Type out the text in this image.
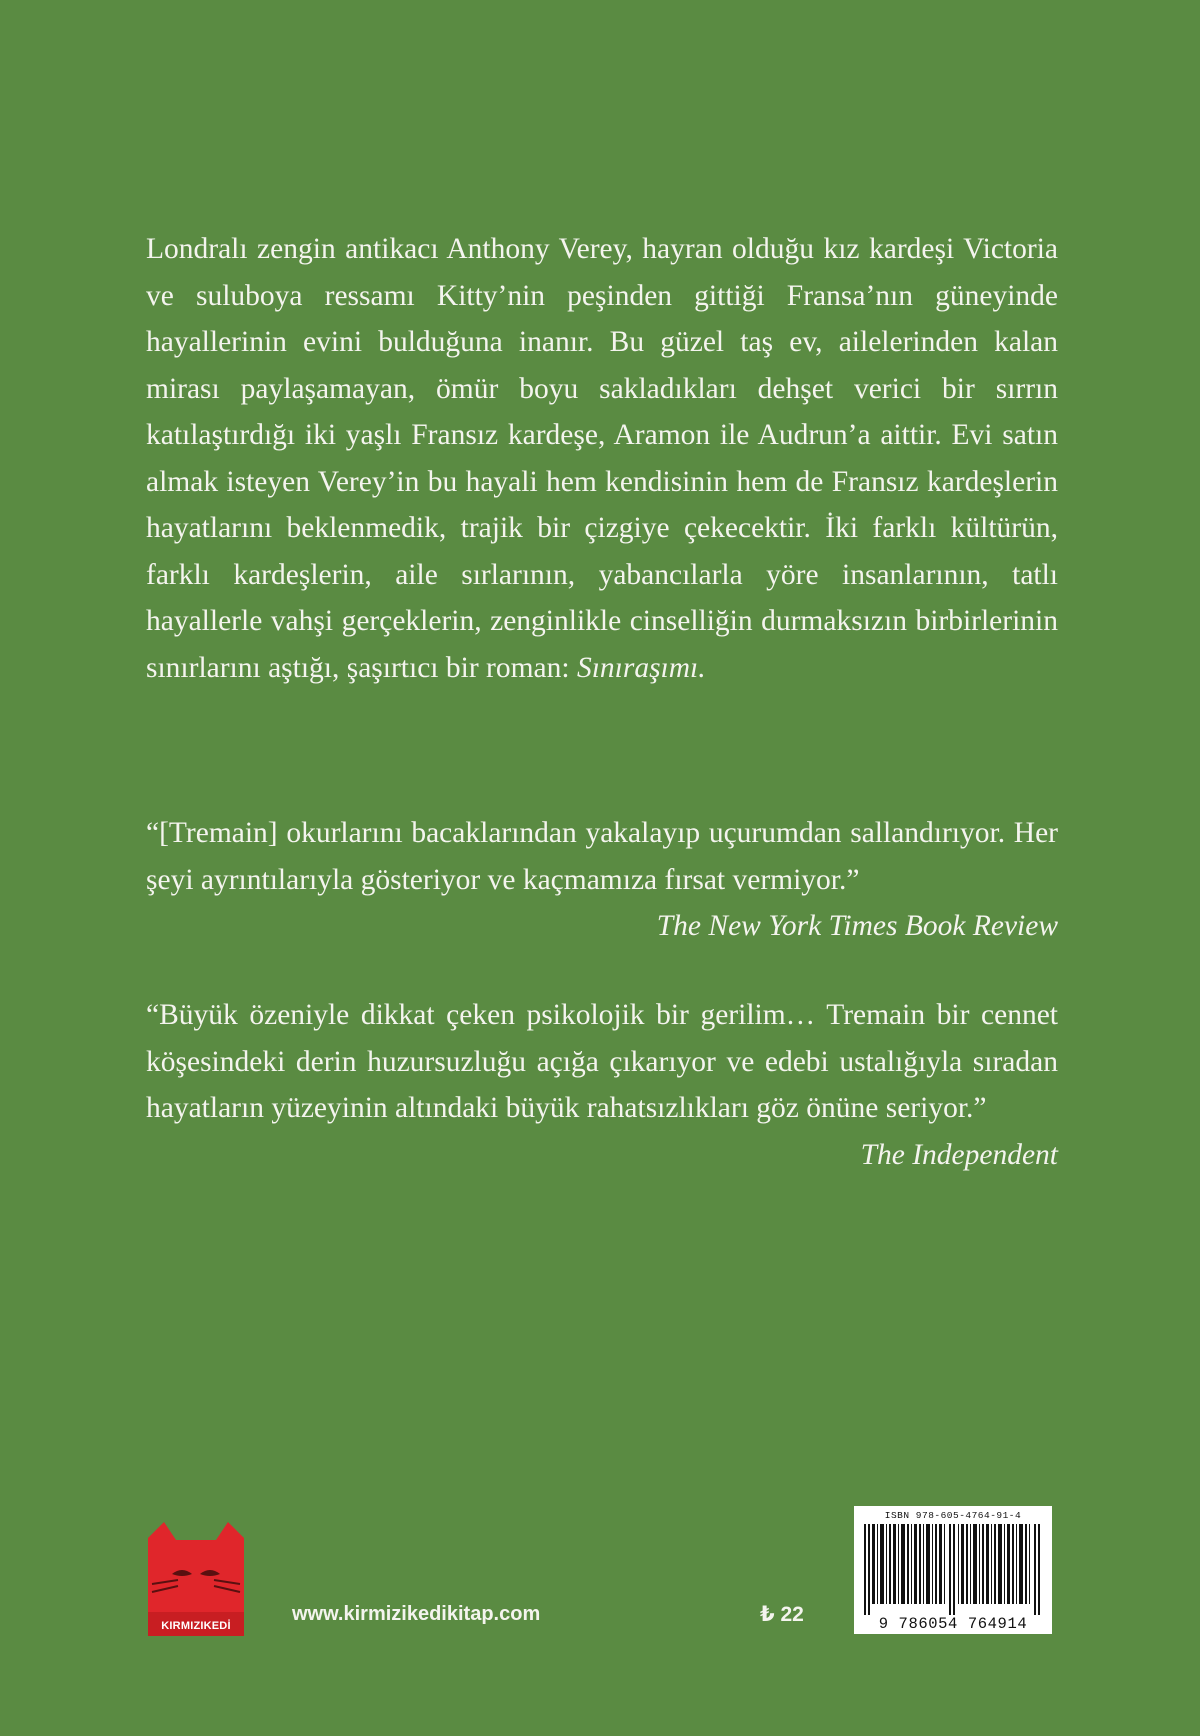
Londralı zengin antikacı Anthony Verey, hayran olduğu kız kardeşi Victoria ve suluboya ressamı Kitty’nin peşinden gittiği Fransa’nın güneyinde hayallerinin evini bulduğuna inanır. Bu güzel taş ev, ailelerinden kalan mirası paylaşamayan, ömür boyu sakladıkları dehşet verici bir sırrın katılaştırdığı iki yaşlı Fransız kardeşe, Aramon ile Audrun’a aittir. Evi satın almak isteyen Verey’in bu hayali hem kendisinin hem de Fransız kardeşlerin hayatlarını beklenmedik, trajik bir çizgiye çekecektir. İki farklı kültürün, farklı kardeşlerin, aile sırlarının, yabancılarla yöre insanlarının, tatlı hayallerle vahşi gerçeklerin, zenginlikle cinselliğin durmaksızın birbirlerinin sınırlarını aştığı, şaşırtıcı bir roman: Sınıraşımı.

“[Tremain] okurlarını bacaklarından yakalayıp uçurumdan sallandırıyor. Her şeyi ayrıntılarıyla gösteriyor ve kaçmamıza fırsat vermiyor.”
The New York Times Book Review

“Büyük özeniyle dikkat çeken psikolojik bir gerilim… Tremain bir cennet köşesindeki derin huzursuzluğu açığa çıkarıyor ve edebi ustalığıyla sıradan hayatların yüzeyinin altındaki büyük rahatsızlıkları göz önüne seriyor.”

The Independent

KIRMIZIKEDİ
www.kirmizikedikitap.com	₺ 22
ISBN 978-605-4764-91-4
9 786054 764914
